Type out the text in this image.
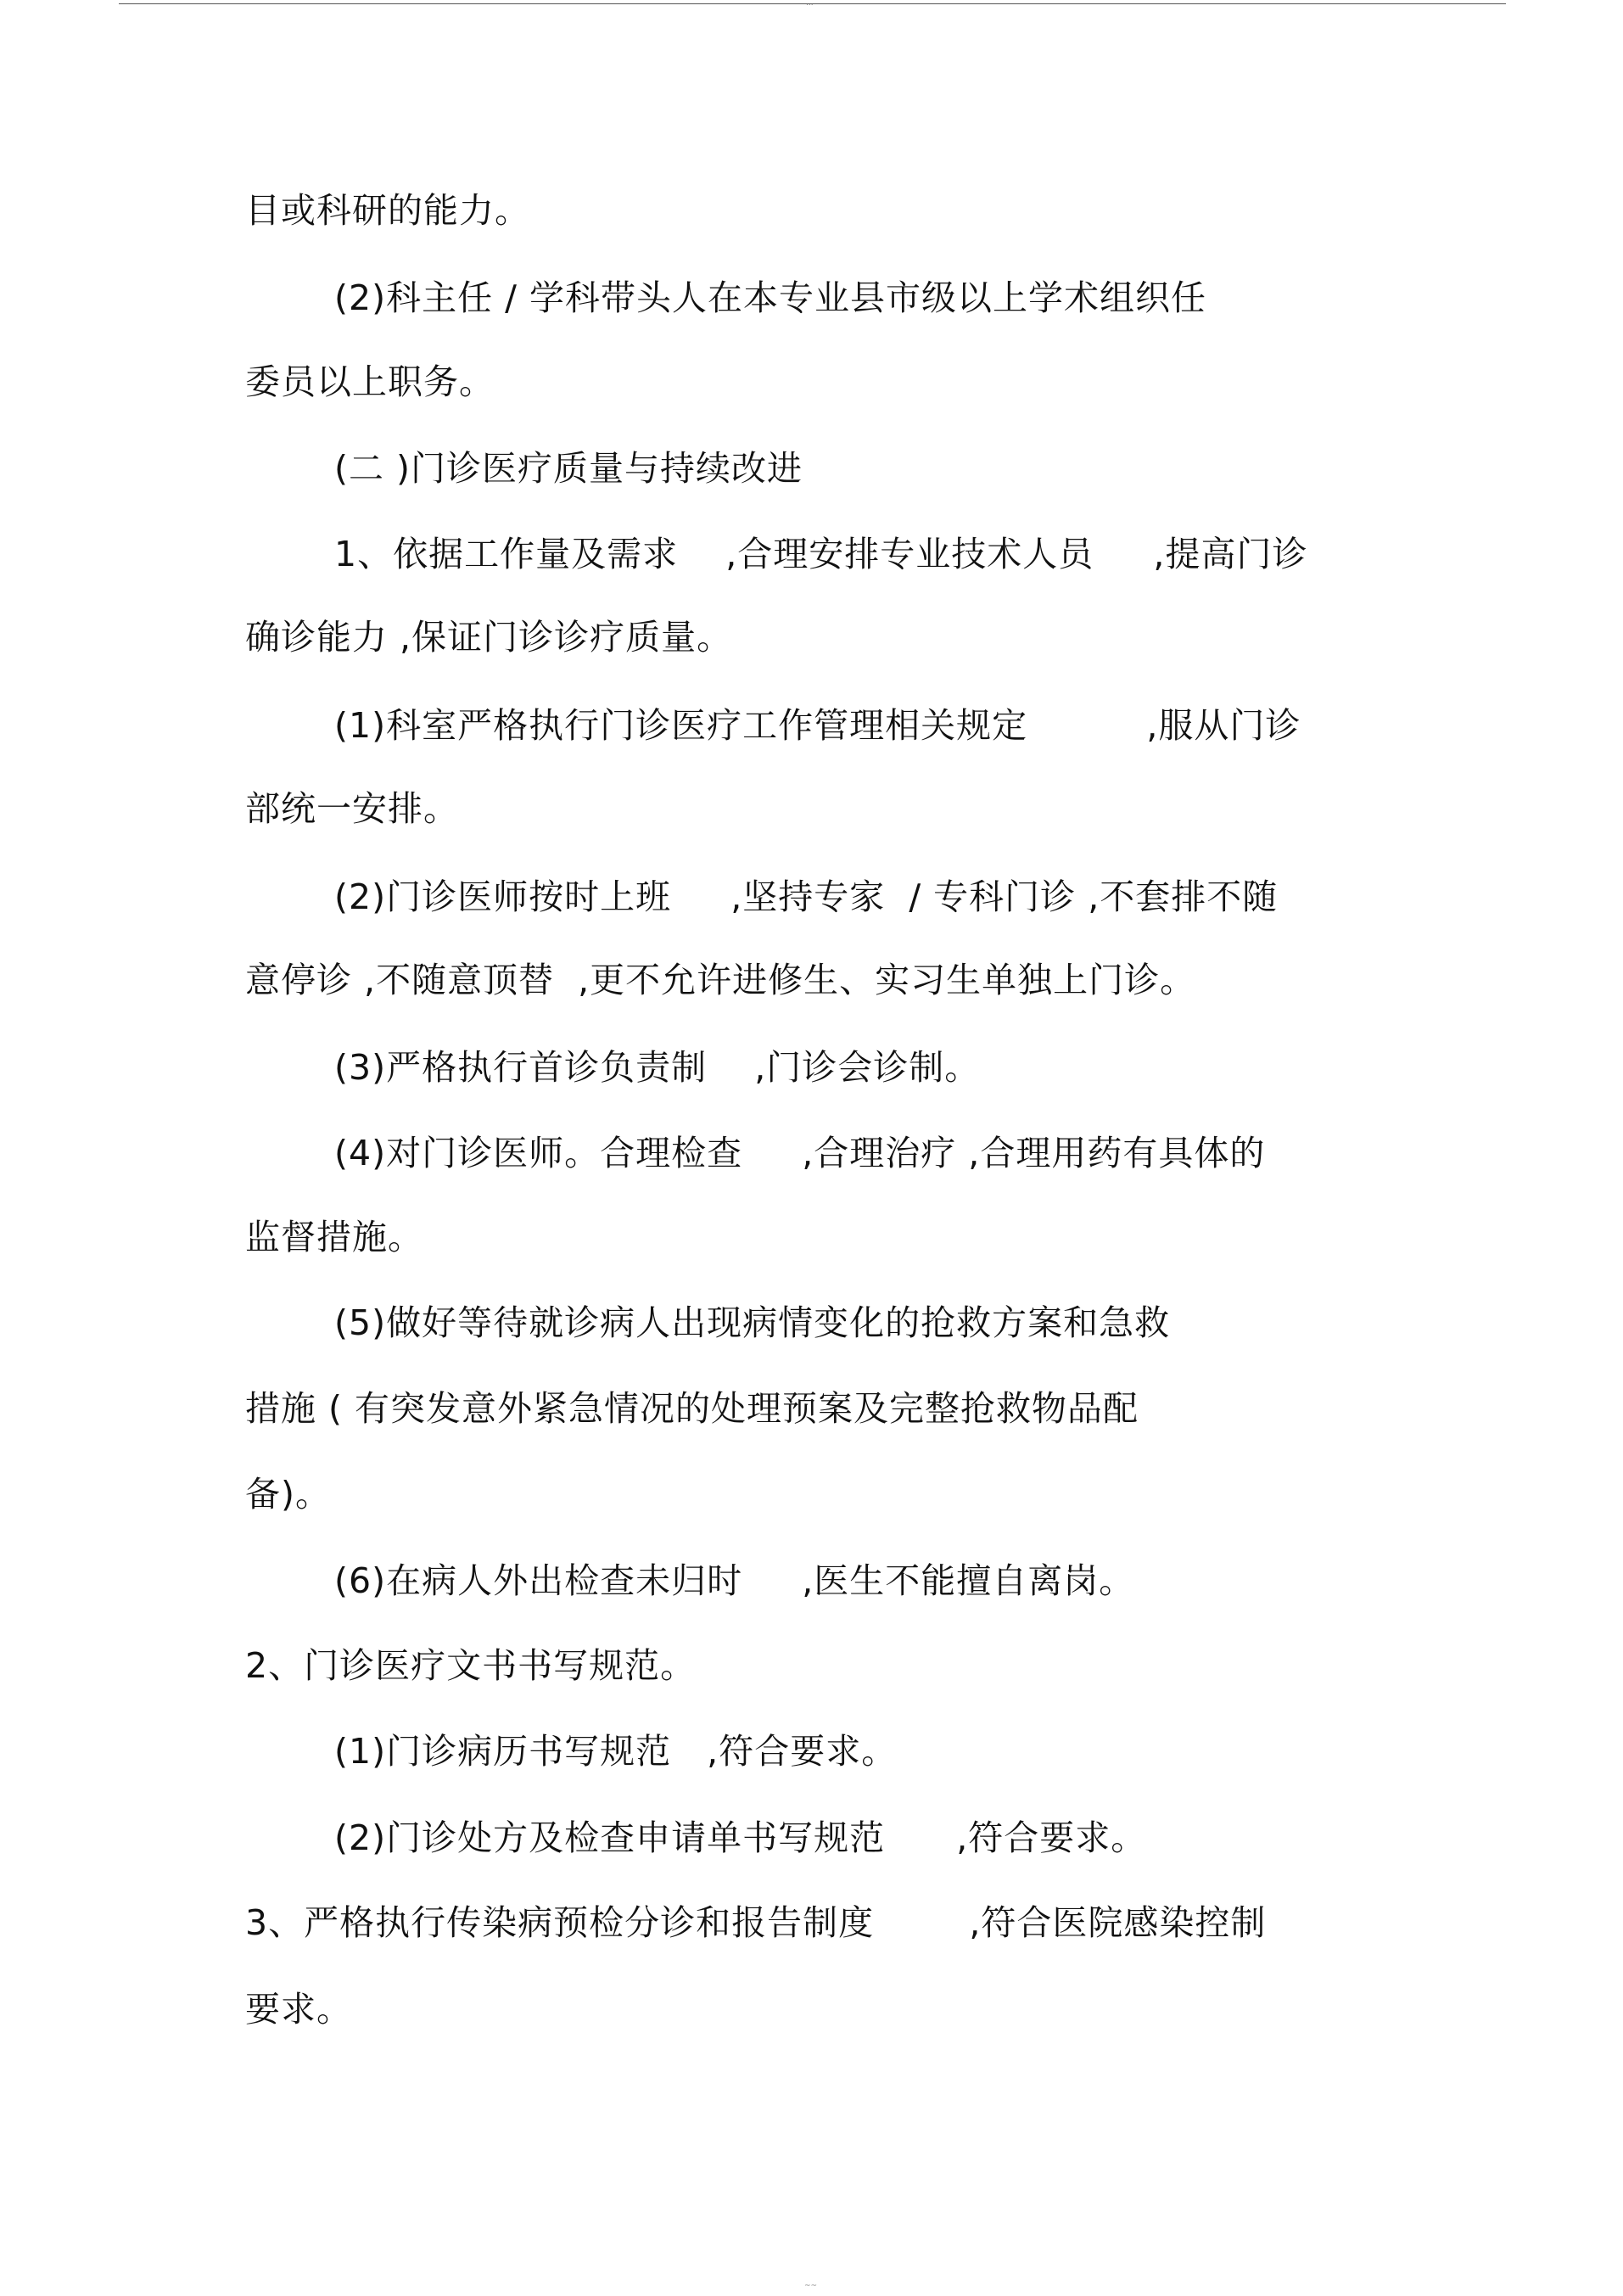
...
目或科研的能力。
(2)科主任 / 学科带头人在本专业县市级以上学术组织任
委员以上职务。
(二 )门诊医疗质量与持续改进
1、依据工作量及需求    ,合理安排专业技术人员     ,提高门诊
确诊能力 ,保证门诊诊疗质量。
(1)科室严格执行门诊医疗工作管理相关规定          ,服从门诊
部统一安排。
(2)门诊医师按时上班     ,坚持专家  / 专科门诊 ,不套排不随
意停诊 ,不随意顶替  ,更不允许进修生、实习生单独上门诊。
(3)严格执行首诊负责制    ,门诊会诊制。
(4)对门诊医师。合理检查     ,合理治疗 ,合理用药有具体的
监督措施。
(5)做好等待就诊病人出现病情变化的抢救方案和急救
措施 ( 有突发意外紧急情况的处理预案及完整抢救物品配
备)。
(6)在病人外出检查未归时     ,医生不能擅自离岗。
2、门诊医疗文书书写规范。
(1)门诊病历书写规范   ,符合要求。
(2)门诊处方及检查申请单书写规范      ,符合要求。
3、严格执行传染病预检分诊和报告制度        ,符合医院感染控制
要求。
~~
